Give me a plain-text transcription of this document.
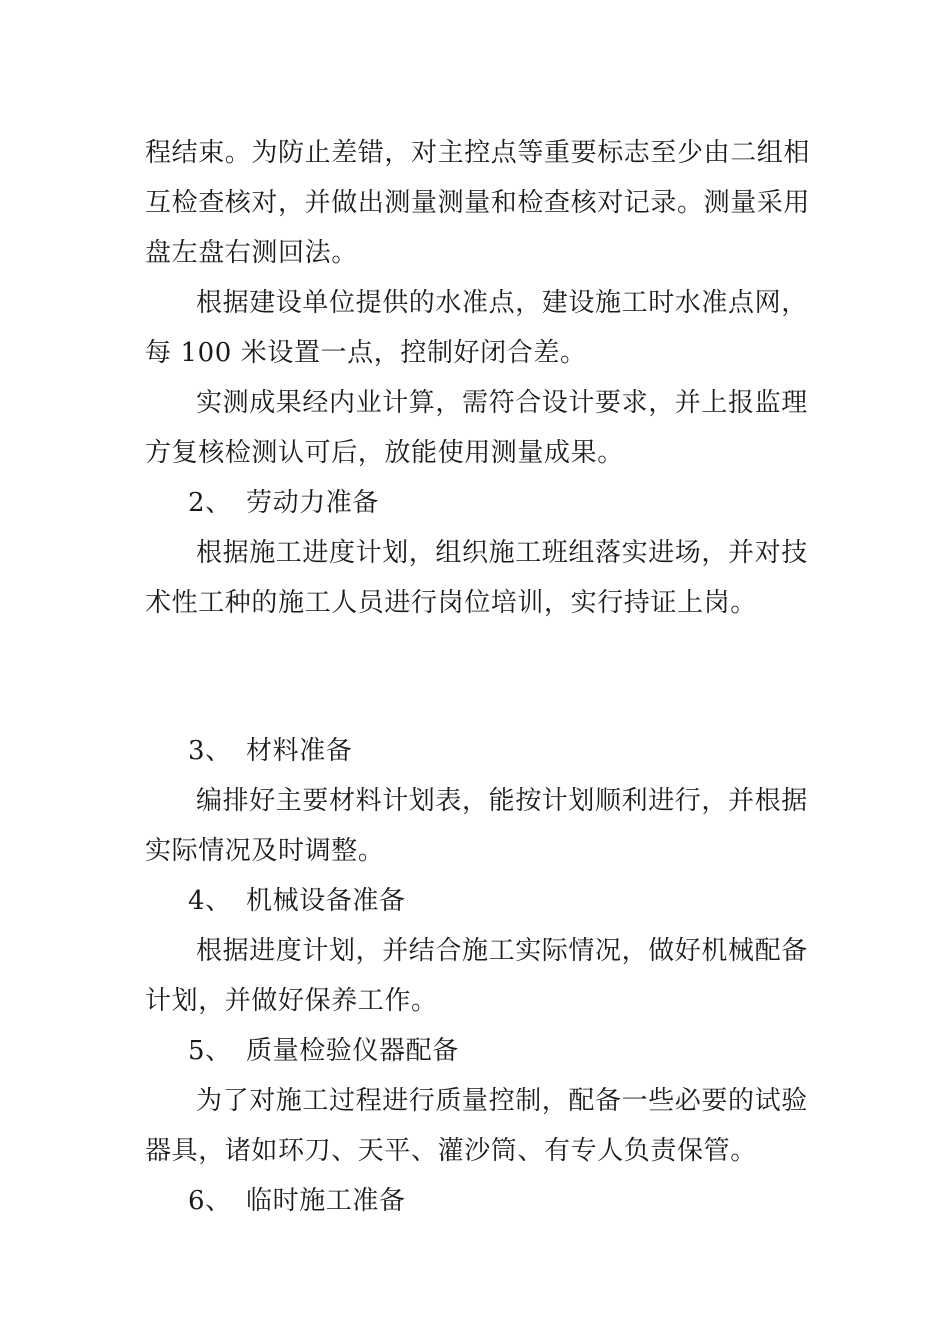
程结束。为防止差错，对主控点等重要标志至少由二组相
互检查核对，并做出测量测量和检查核对记录。测量采用
盘左盘右测回法。
根据建设单位提供的水准点，建设施工时水准点网，
每 100 米设置一点，控制好闭合差。
实测成果经内业计算，需符合设计要求，并上报监理
方复核检测认可后，放能使用测量成果。
2、 劳动力准备
根据施工进度计划，组织施工班组落实进场，并对技
术性工种的施工人员进行岗位培训，实行持证上岗。
3、 材料准备
编排好主要材料计划表，能按计划顺利进行，并根据
实际情况及时调整。
4、 机械设备准备
根据进度计划，并结合施工实际情况，做好机械配备
计划，并做好保养工作。
5、 质量检验仪器配备
为了对施工过程进行质量控制，配备一些必要的试验
器具，诸如环刀、天平、灌沙筒、有专人负责保管。
6、 临时施工准备
